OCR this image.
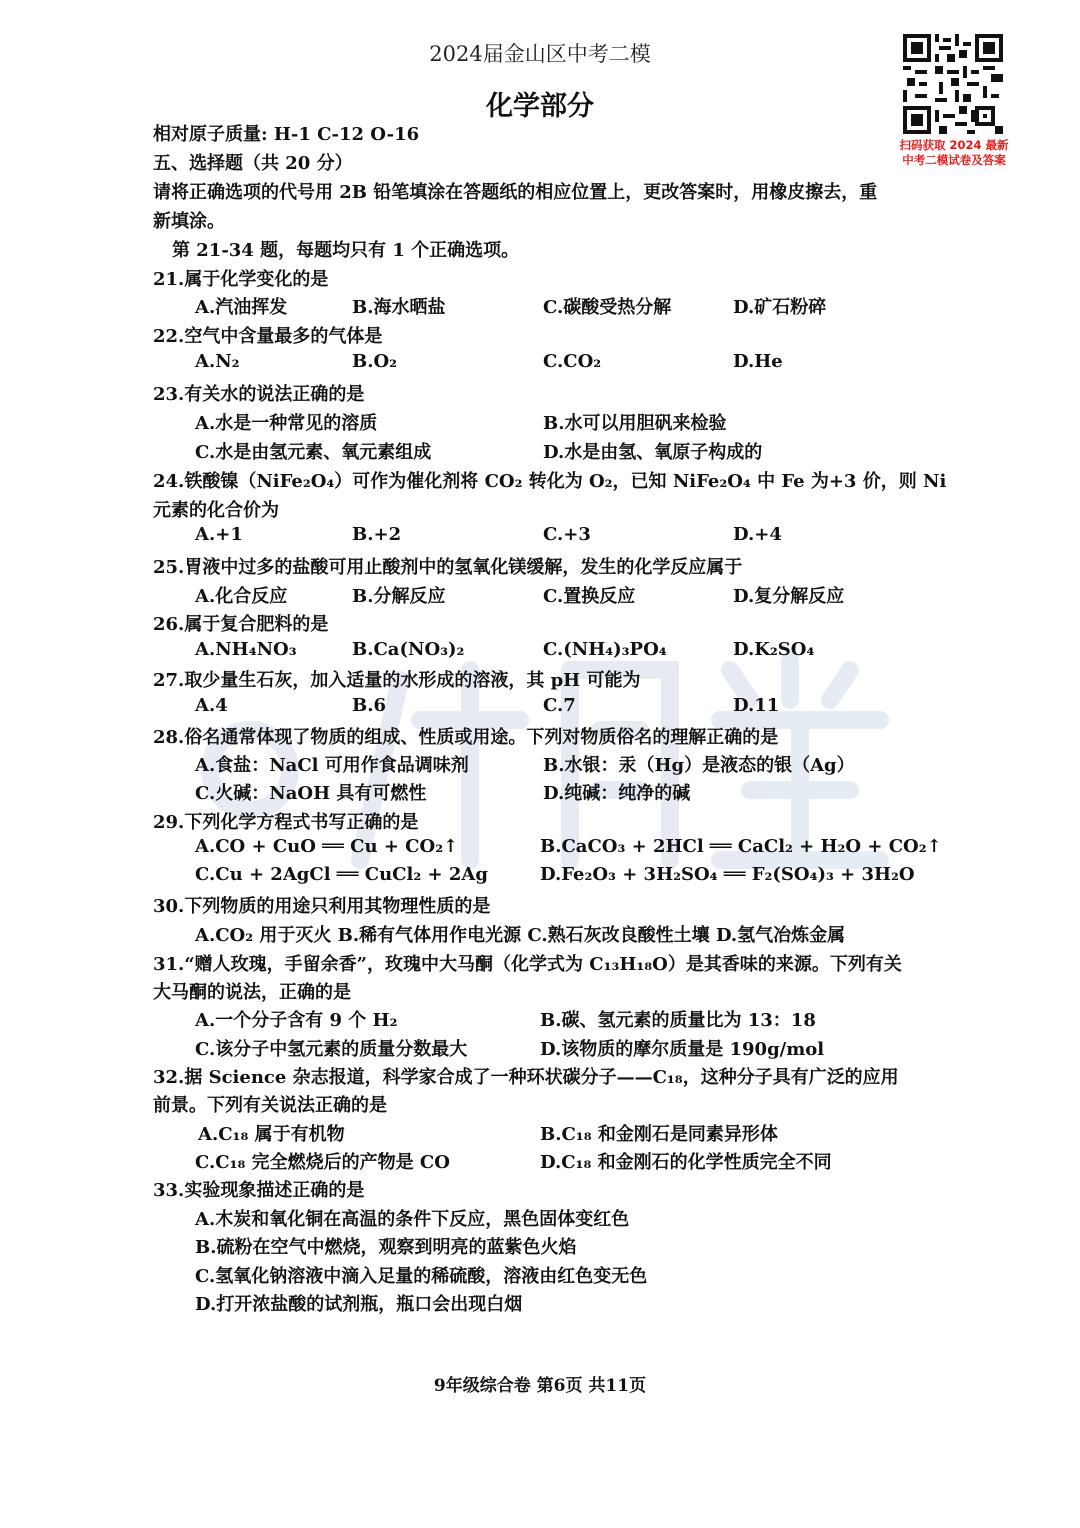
2024届金山区中考二模
化学部分
扫码获取 2024 最新
中考二模试卷及答案
相对原子质量: H-1 C-12 O-16
五、选择题（共 20 分）
请将正确选项的代号用 2B 铅笔填涂在答题纸的相应位置上，更改答案时，用橡皮擦去，重
新填涂。
第 21-34 题，每题均只有 1 个正确选项。
21.属于化学变化的是
A.汽油挥发	B.海水晒盐	C.碳酸受热分解	D.矿石粉碎
22.空气中含量最多的气体是
A.N₂	B.O₂	C.CO₂	D.He
23.有关水的说法正确的是
A.水是一种常见的溶质	B.水可以用胆矾来检验
C.水是由氢元素、氧元素组成	D.水是由氢、氧原子构成的
24.铁酸镍（NiFe₂O₄）可作为催化剂将 CO₂ 转化为 O₂，已知 NiFe₂O₄ 中 Fe 为+3 价，则 Ni
元素的化合价为
A.+1	B.+2	C.+3	D.+4
25.胃液中过多的盐酸可用止酸剂中的氢氧化镁缓解，发生的化学反应属于
A.化合反应	B.分解反应	C.置换反应	D.复分解反应
26.属于复合肥料的是
A.NH₄NO₃	B.Ca(NO₃)₂	C.(NH₄)₃PO₄	D.K₂SO₄
27.取少量生石灰，加入适量的水形成的溶液，其 pH 可能为
A.4	B.6	C.7	D.11
28.俗名通常体现了物质的组成、性质或用途。下列对物质俗名的理解正确的是
A.食盐：NaCl 可用作食品调味剂	B.水银：汞（Hg）是液态的银（Ag）
C.火碱：NaOH 具有可燃性	D.纯碱：纯净的碱
29.下列化学方程式书写正确的是
A.CO + CuO ══ Cu + CO₂↑	B.CaCO₃ + 2HCl ══ CaCl₂ + H₂O + CO₂↑
C.Cu + 2AgCl ══ CuCl₂ + 2Ag	D.Fe₂O₃ + 3H₂SO₄ ══ F₂(SO₄)₃ + 3H₂O
30.下列物质的用途只利用其物理性质的是
A.CO₂ 用于灭火 B.稀有气体用作电光源 C.熟石灰改良酸性土壤 D.氢气冶炼金属
31.“赠人玫瑰，手留余香”，玫瑰中大马酮（化学式为 C₁₃H₁₈O）是其香味的来源。下列有关
大马酮的说法，正确的是
A.一个分子含有 9 个 H₂	B.碳、氢元素的质量比为 13：18
C.该分子中氢元素的质量分数最大	D.该物质的摩尔质量是 190g/mol
32.据 Science 杂志报道，科学家合成了一种环状碳分子——C₁₈，这种分子具有广泛的应用
前景。下列有关说法正确的是
A.C₁₈ 属于有机物	B.C₁₈ 和金刚石是同素异形体
C.C₁₈ 完全燃烧后的产物是 CO	D.C₁₈ 和金刚石的化学性质完全不同
33.实验现象描述正确的是
A.木炭和氧化铜在高温的条件下反应，黑色固体变红色
B.硫粉在空气中燃烧，观察到明亮的蓝紫色火焰
C.氢氧化钠溶液中滴入足量的稀硫酸，溶液由红色变无色
D.打开浓盐酸的试剂瓶，瓶口会出现白烟
9年级综合卷 第6页 共11页
